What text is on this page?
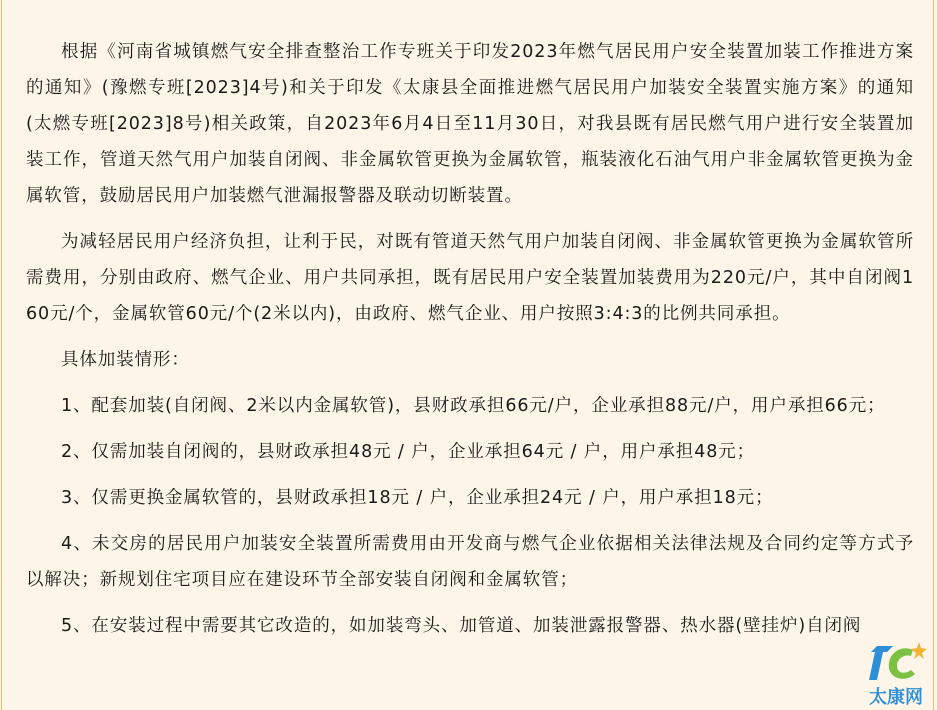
根据《河南省城镇燃气安全排查整治工作专班关于印发2023年燃气居民用户安全装置加装工作推进方案的通知》(豫燃专班[2023]4号)和关于印发《太康县全面推进燃气居民用户加装安全装置实施方案》的通知(太燃专班[2023]8号)相关政策，自2023年6月4日至11月30日，对我县既有居民燃气用户进行安全装置加装工作，管道天然气用户加装自闭阀、非金属软管更换为金属软管，瓶装液化石油气用户非金属软管更换为金属软管，鼓励居民用户加装燃气泄漏报警器及联动切断装置。

为减轻居民用户经济负担，让利于民，对既有管道天然气用户加装自闭阀、非金属软管更换为金属软管所需费用，分别由政府、燃气企业、用户共同承担，既有居民用户安全装置加装费用为220元/户，其中自闭阀160元/个，金属软管60元/个(2米以内)，由政府、燃气企业、用户按照3:4:3的比例共同承担。

具体加装情形：

1、配套加装(自闭阀、2米以内金属软管)，县财政承担66元/户，企业承担88元/户，用户承担66元；

2、仅需加装自闭阀的，县财政承担48元 / 户，企业承担64元 / 户，用户承担48元；

3、仅需更换金属软管的，县财政承担18元 / 户，企业承担24元 / 户，用户承担18元；

4、未交房的居民用户加装安全装置所需费用由开发商与燃气企业依据相关法律法规及合同约定等方式予以解决；新规划住宅项目应在建设环节全部安装自闭阀和金属软管；

5、在安装过程中需要其它改造的，如加装弯头、加管道、加装泄露报警器、热水器(壁挂炉)自闭阀

太康网
